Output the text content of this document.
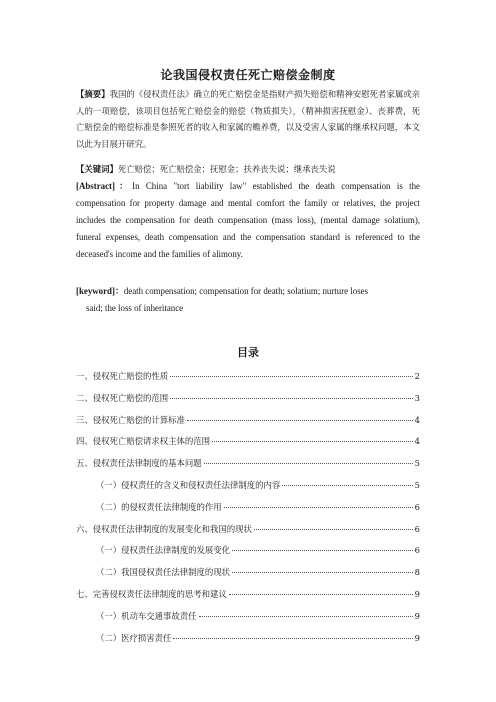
论我国侵权责任死亡赔偿金制度
【摘要】我国的《侵权责任法》确立的死亡赔偿金是指财产损失赔偿和精神安慰死者家属或亲人的一项赔偿，该项目包括死亡赔偿金的赔偿（物质损失），（精神损害抚慰金）、丧葬费，死亡赔偿金的赔偿标准是参照死者的收入和家属的赡养费，以及受害人家属的继承权问题，本文以此为目展开研究。
【关键词】死亡赔偿；死亡赔偿金；抚慰金；扶养丧失说；继承丧失说
[Abstract]：In China "tort liability law" established the death compensation is the compensation for property damage and mental comfort the family or relatives, the project includes the compensation for death compensation (mass loss), (mental damage solatium), funeral expenses, death compensation and the compensation standard is referenced to the deceased's income and the families of alimony.
[keyword]：death compensation; compensation for death; solatium; nurture loses
said; the loss of inheritance
目录
一、侵权死亡赔偿的性质	2
二、侵权死亡赔偿的范围	3
三、侵权死亡赔偿的计算标准	4
四、侵权死亡赔偿请求权主体的范围	4
五、侵权责任法律制度的基本问题	5
（一）侵权责任的含义和侵权责任法律制度的内容	5
（二）的侵权责任法律制度的作用	6
六、侵权责任法律制度的发展变化和我国的现状	6
（一）侵权责任法律制度的发展变化	6
（二）我国侵权责任法律制度的现状	8
七、完善侵权责任法律制度的思考和建议	9
（一）机动车交通事故责任	9
（二）医疗损害责任	9
